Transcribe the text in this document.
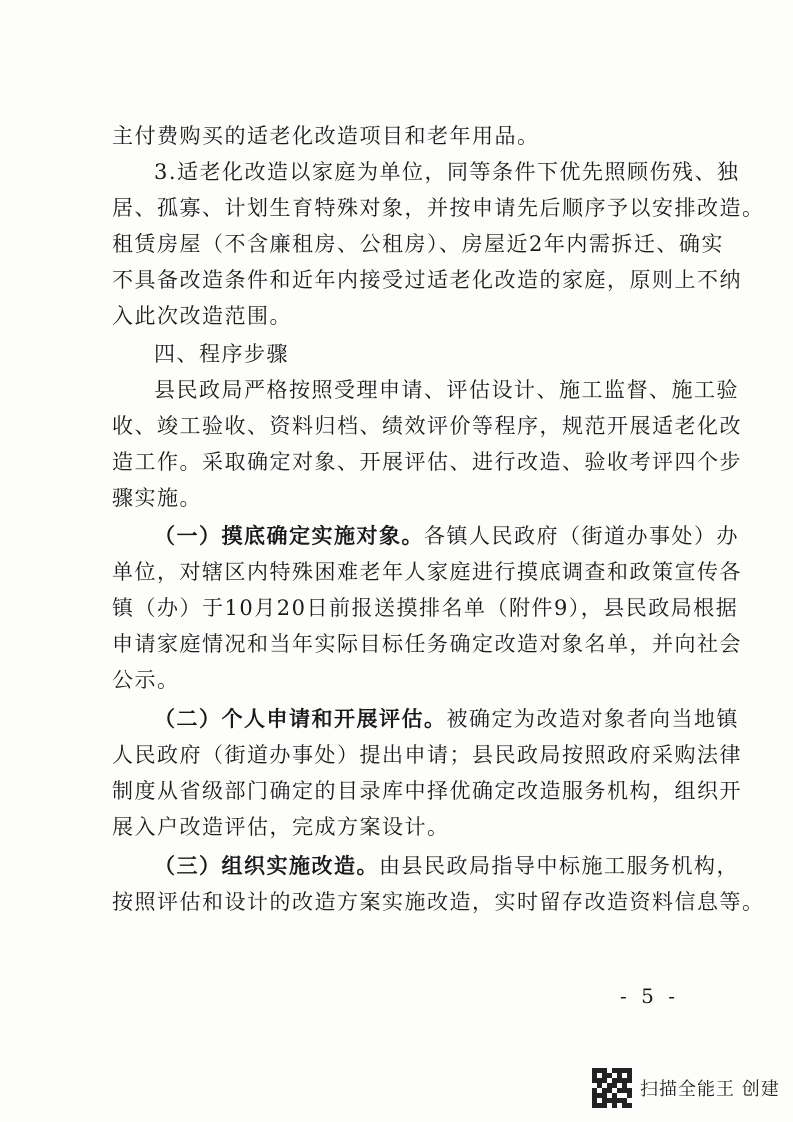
主付费购买的适老化改造项目和老年用品。
3.适老化改造以家庭为单位，同等条件下优先照顾伤残、独
居、孤寡、计划生育特殊对象，并按申请先后顺序予以安排改造。
租赁房屋（不含廉租房、公租房）、房屋近2年内需拆迁、确实
不具备改造条件和近年内接受过适老化改造的家庭，原则上不纳
入此次改造范围。
四、程序步骤
县民政局严格按照受理申请、评估设计、施工监督、施工验
收、竣工验收、资料归档、绩效评价等程序，规范开展适老化改
造工作。采取确定对象、开展评估、进行改造、验收考评四个步
骤实施。
（一）摸底确定实施对象。各镇人民政府（街道办事处）办
单位，对辖区内特殊困难老年人家庭进行摸底调查和政策宣传各
镇（办）于10月20日前报送摸排名单（附件9），县民政局根据
申请家庭情况和当年实际目标任务确定改造对象名单，并向社会
公示。
（二）个人申请和开展评估。被确定为改造对象者向当地镇
人民政府（街道办事处）提出申请；县民政局按照政府采购法律
制度从省级部门确定的目录库中择优确定改造服务机构，组织开
展入户改造评估，完成方案设计。
（三）组织实施改造。由县民政局指导中标施工服务机构，
按照评估和设计的改造方案实施改造，实时留存改造资料信息等。
- 5 -
扫描全能王 创建
